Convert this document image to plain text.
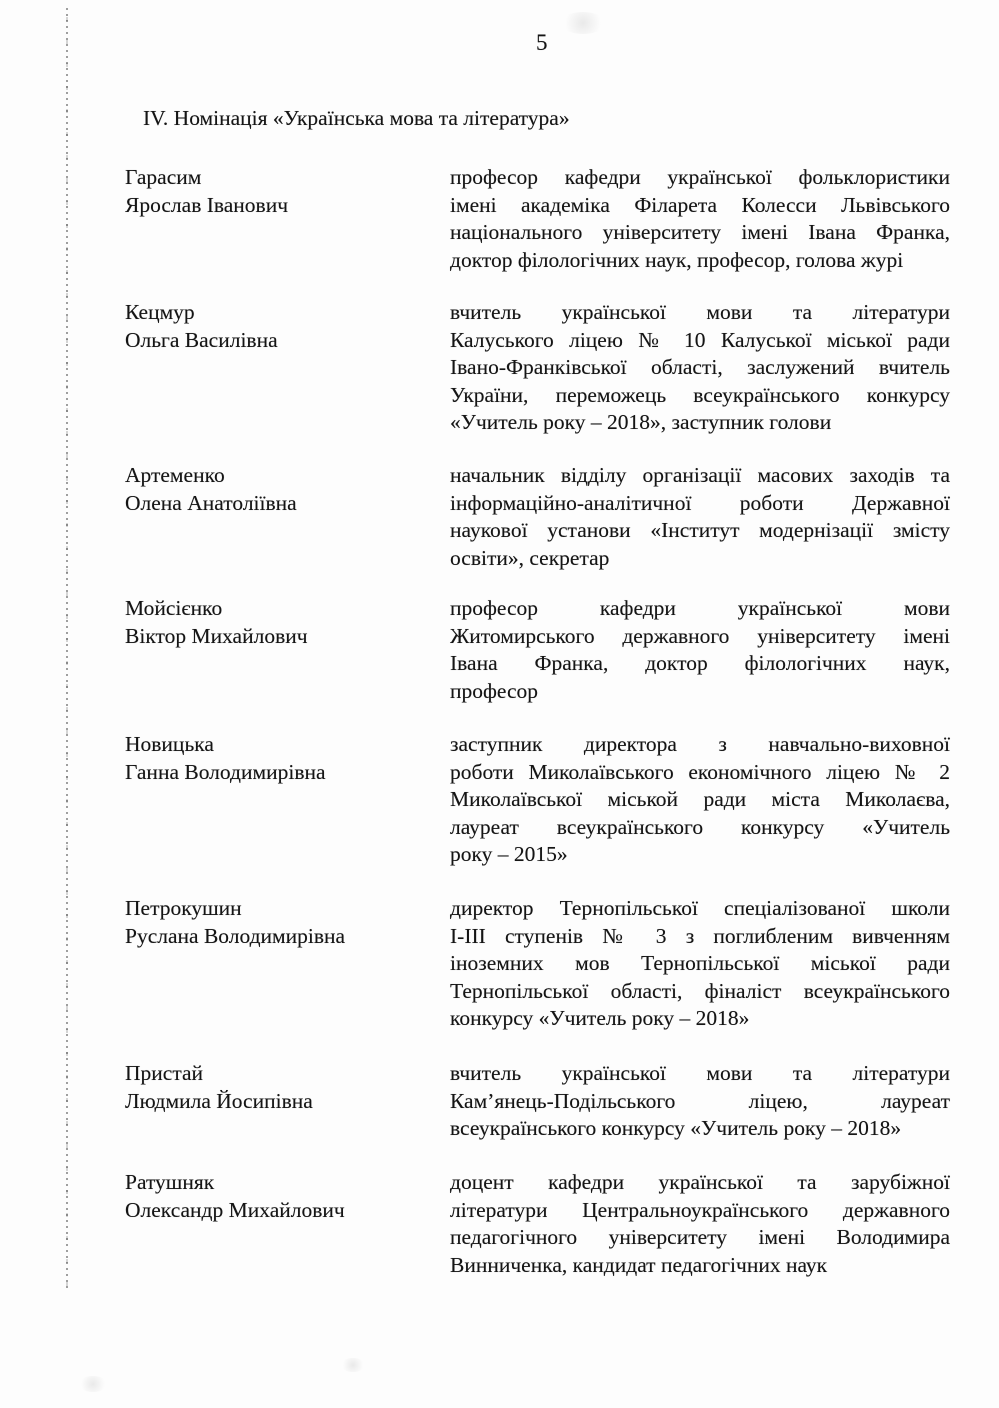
5
IV. Номінація «Українська мова та література»
Гарасим
Ярослав Іванович
професор кафедри української фольклористики
імені академіка Філарета Колесси Львівського
національного університету імені Івана Франка,
доктор філологічних наук, професор, голова журі
Кецмур
Ольга Василівна
вчитель української мови та літератури
Калуського ліцею № 10 Калуської міської ради
Івано-Франківської області, заслужений вчитель
України, переможець всеукраїнського конкурсу
«Учитель року – 2018», заступник голови
Артеменко
Олена Анатоліївна
начальник відділу організації масових заходів та
інформаційно-аналітичної роботи Державної
наукової установи «Інститут модернізації змісту
освіти», секретар
Мойсієнко
Віктор Михайлович
професор кафедри української мови
Житомирського державного університету імені
Івана Франка, доктор філологічних наук,
професор
Новицька
Ганна Володимирівна
заступник директора з навчально-виховної
роботи Миколаївського економічного ліцею № 2
Миколаївської міськой ради міста Миколаєва,
лауреат всеукраїнського конкурсу «Учитель
року – 2015»
Петрокушин
Руслана Володимирівна
директор Тернопільської спеціалізованої школи
І-ІІІ ступенів № 3 з поглибленим вивченням
іноземних мов Тернопільської міської ради
Тернопільської області, фіналіст всеукраїнського
конкурсу «Учитель року – 2018»
Пристай
Людмила Йосипівна
вчитель української мови та літератури
Кам’янець-Подільського ліцею, лауреат
всеукраїнського конкурсу «Учитель року – 2018»
Ратушняк
Олександр Михайлович
доцент кафедри української та зарубіжної
літератури Центральноукраїнського державного
педагогічного університету імені Володимира
Винниченка, кандидат педагогічних наук
